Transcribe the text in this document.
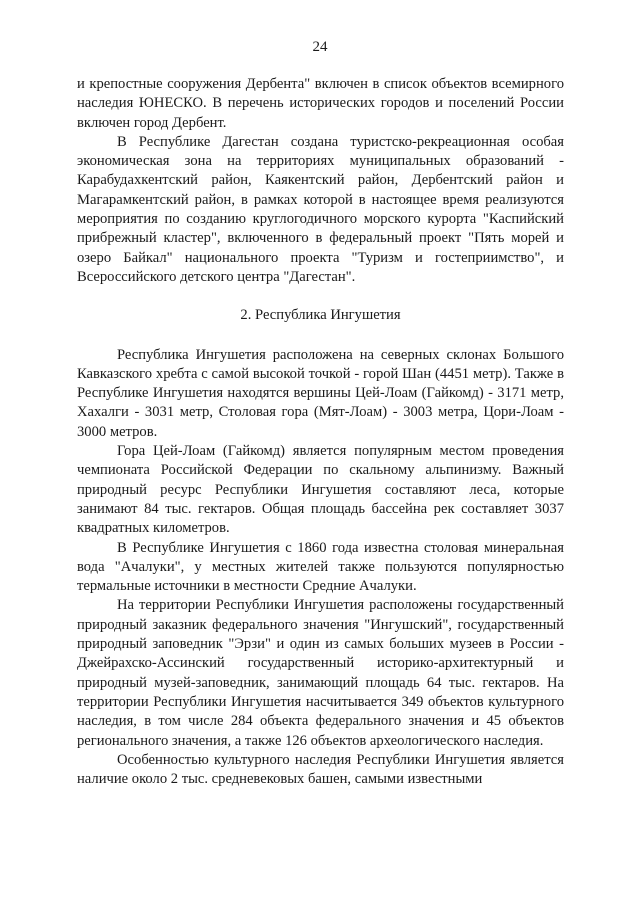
24

и крепостные сооружения Дербента" включен в список объектов всемирного наследия ЮНЕСКО. В перечень исторических городов и поселений России включен город Дербент.

В Республике Дагестан создана туристско-рекреационная особая экономическая зона на территориях муниципальных образований - Карабудахкентский район, Каякентский район, Дербентский район и Магарамкентский район, в рамках которой в настоящее время реализуются мероприятия по созданию круглогодичного морского курорта "Каспийский прибрежный кластер", включенного в федеральный проект "Пять морей и озеро Байкал" национального проекта "Туризм и гостеприимство", и Всероссийского детского центра "Дагестан".

2. Республика Ингушетия

Республика Ингушетия расположена на северных склонах Большого Кавказского хребта с самой высокой точкой - горой Шан (4451 метр). Также в Республике Ингушетия находятся вершины Цей-Лоам (Гайкомд) - 3171 метр, Хахалги - 3031 метр, Столовая гора (Мят-Лоам) - 3003 метра, Цори-Лоам - 3000 метров.

Гора Цей-Лоам (Гайкомд) является популярным местом проведения чемпионата Российской Федерации по скальному альпинизму. Важный природный ресурс Республики Ингушетия составляют леса, которые занимают 84 тыс. гектаров. Общая площадь бассейна рек составляет 3037 квадратных километров.

В Республике Ингушетия с 1860 года известна столовая минеральная вода "Ачалуки", у местных жителей также пользуются популярностью термальные источники в местности Средние Ачалуки.

На территории Республики Ингушетия расположены государственный природный заказник федерального значения "Ингушский", государственный природный заповедник "Эрзи" и один из самых больших музеев в России - Джейрахско-Ассинский государственный историко-архитектурный и природный музей-заповедник, занимающий площадь 64 тыс. гектаров. На территории Республики Ингушетия насчитывается 349 объектов культурного наследия, в том числе 284 объекта федерального значения и 45 объектов регионального значения, а также 126 объектов археологического наследия.

Особенностью культурного наследия Республики Ингушетия является наличие около 2 тыс. средневековых башен, самыми известными
